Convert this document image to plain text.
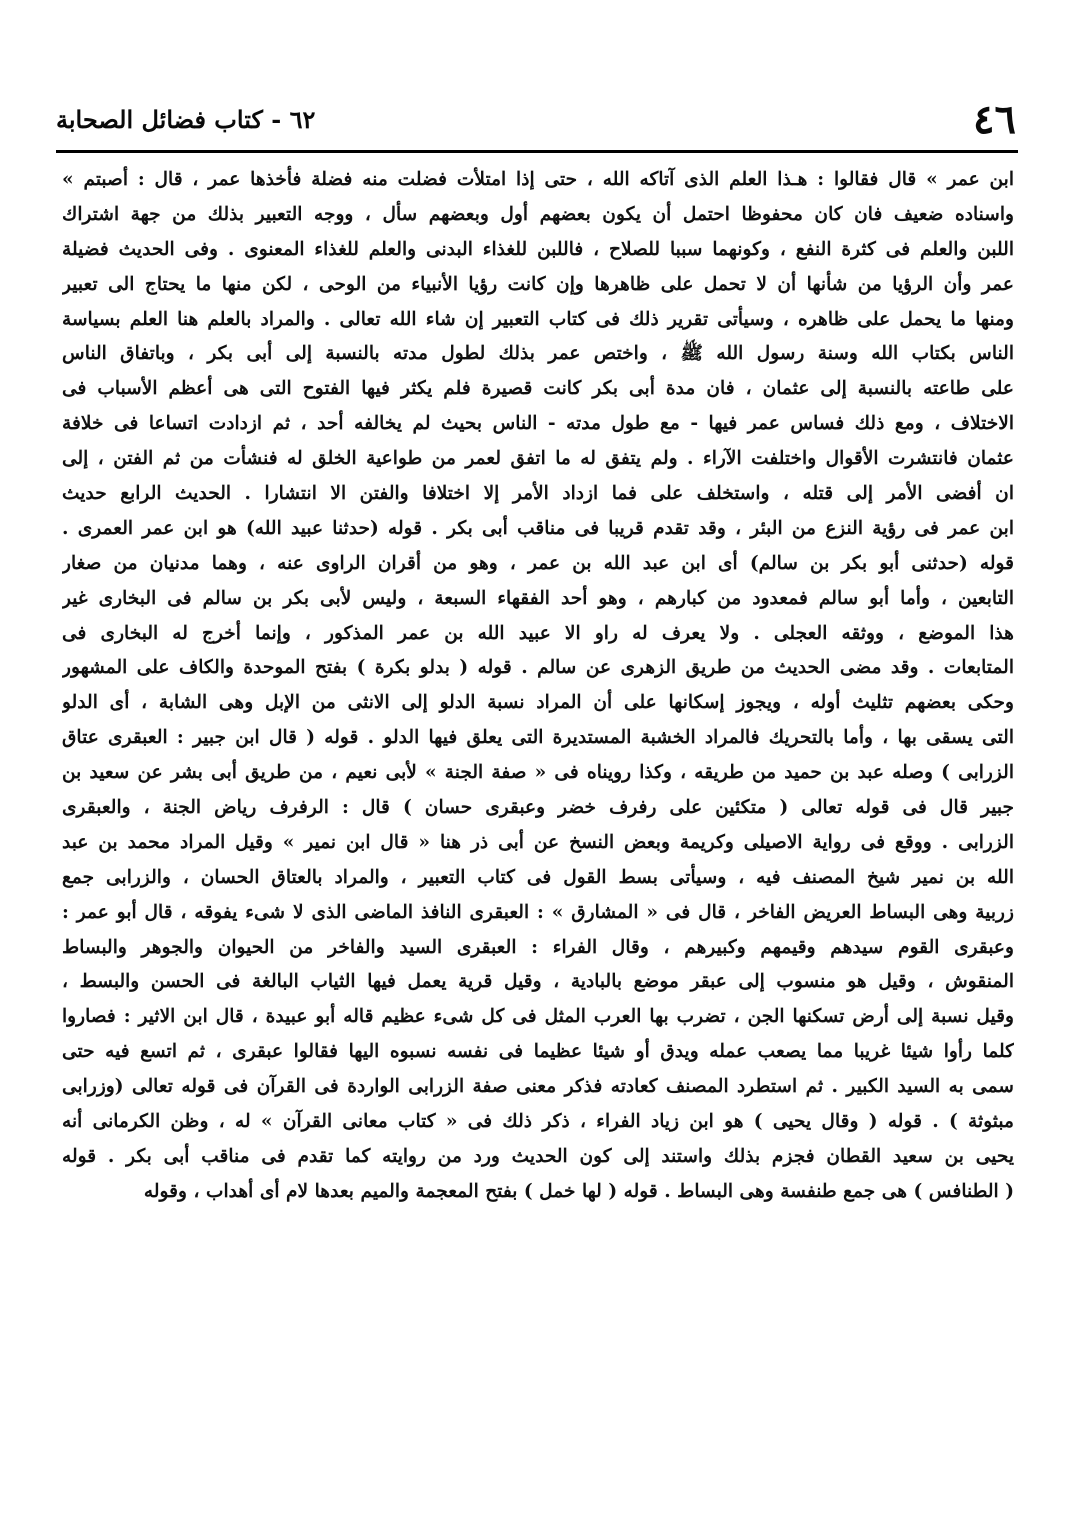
٤٦
٦٢ - كتاب فضائل الصحابة
ابن عمر » قال فقالوا : هـذا العلم الذى آتاكه الله ، حتى إذا امتلأت فضلت منه فضلة فأخذها عمر ، قال : أصبتم »
واسناده ضعيف فان كان محفوظا احتمل أن يكون بعضهم أول وبعضهم سأل ، ووجه التعبير بذلك من جهة اشتراك
اللبن والعلم فى كثرة النفع ، وكونهما سببا للصلاح ، فاللبن للغذاء البدنى والعلم للغذاء المعنوى . وفى الحديث فضيلة
عمر وأن الرؤيا من شأنها أن لا تحمل على ظاهرها وإن كانت رؤيا الأنبياء من الوحى ، لكن منها ما يحتاج الى تعبير
ومنها ما يحمل على ظاهره ، وسيأتى تقرير ذلك فى كتاب التعبير إن شاء الله تعالى . والمراد بالعلم هنا العلم بسياسة
الناس بكتاب الله وسنة رسول الله ﷺ ، واختص عمر بذلك لطول مدته بالنسبة إلى أبى بكر ، وباتفاق الناس
على طاعته بالنسبة إلى عثمان ، فان مدة أبى بكر كانت قصيرة فلم يكثر فيها الفتوح التى هى أعظم الأسباب فى
الاختلاف ، ومع ذلك فساس عمر فيها - مع طول مدته - الناس بحيث لم يخالفه أحد ، ثم ازدادت اتساعا فى خلافة
عثمان فانتشرت الأقوال واختلفت الآراء . ولم يتفق له ما اتفق لعمر من طواعية الخلق له فنشأت من ثم الفتن ، إلى
ان أفضى الأمر إلى قتله ، واستخلف على فما ازداد الأمر إلا اختلافا والفتن الا انتشارا . الحديث الرابع حديث
ابن عمر فى رؤية النزع من البئر ، وقد تقدم قريبا فى مناقب أبى بكر . قوله (حدثنا عبيد الله) هو ابن عمر العمرى .
قوله (حدثنى أبو بكر بن سالم) أى ابن عبد الله بن عمر ، وهو من أقران الراوى عنه ، وهما مدنيان من صغار
التابعين ، وأما أبو سالم فمعدود من كبارهم ، وهو أحد الفقهاء السبعة ، وليس لأبى بكر بن سالم فى البخارى غير
هذا الموضع ، ووثقه العجلى . ولا يعرف له راو الا عبيد الله بن عمر المذكور ، وإنما أخرج له البخارى فى
المتابعات . وقد مضى الحديث من طريق الزهرى عن سالم . قوله ( بدلو بكرة ) بفتح الموحدة والكاف على المشهور
وحكى بعضهم تثليث أوله ، ويجوز إسكانها على أن المراد نسبة الدلو إلى الانثى من الإبل وهى الشابة ، أى الدلو
التى يسقى بها ، وأما بالتحريك فالمراد الخشبة المستديرة التى يعلق فيها الدلو . قوله ( قال ابن جبير : العبقرى عتاق
الزرابى ) وصله عبد بن حميد من طريقه ، وكذا رويناه فى « صفة الجنة » لأبى نعيم ، من طريق أبى بشر عن سعيد بن
جبير قال فى قوله تعالى ( متكئين على رفرف خضر وعبقرى حسان ) قال : الرفرف رياض الجنة ، والعبقرى
الزرابى . ووقع فى رواية الاصيلى وكريمة وبعض النسخ عن أبى ذر هنا « قال ابن نمير » وقيل المراد محمد بن عبد
الله بن نمير شيخ المصنف فيه ، وسيأتى بسط القول فى كتاب التعبير ، والمراد بالعتاق الحسان ، والزرابى جمع
زربية وهى البساط العريض الفاخر ، قال فى « المشارق » : العبقرى النافذ الماضى الذى لا شىء يفوقه ، قال أبو عمر :
وعبقرى القوم سيدهم وقيمهم وكبيرهم ، وقال الفراء : العبقرى السيد والفاخر من الحيوان والجوهر والبساط
المنقوش ، وقيل هو منسوب إلى عبقر موضع بالبادية ، وقيل قرية يعمل فيها الثياب البالغة فى الحسن والبسط ،
وقيل نسبة إلى أرض تسكنها الجن ، تضرب بها العرب المثل فى كل شىء عظيم قاله أبو عبيدة ، قال ابن الاثير : فصاروا
كلما رأوا شيئا غريبا مما يصعب عمله ويدق أو شيئا عظيما فى نفسه نسبوه اليها فقالوا عبقرى ، ثم اتسع فيه حتى
سمى به السيد الكبير . ثم استطرد المصنف كعادته فذكر معنى صفة الزرابى الواردة فى القرآن فى قوله تعالى (وزرابى
مبثوثة ) . قوله ( وقال يحيى ) هو ابن زياد الفراء ، ذكر ذلك فى « كتاب معانى القرآن » له ، وظن الكرمانى أنه
يحيى بن سعيد القطان فجزم بذلك واستند إلى كون الحديث ورد من روايته كما تقدم فى مناقب أبى بكر . قوله
( الطنافس ) هى جمع طنفسة وهى البساط . قوله ( لها خمل ) بفتح المعجمة والميم بعدها لام أى أهداب ، وقوله
